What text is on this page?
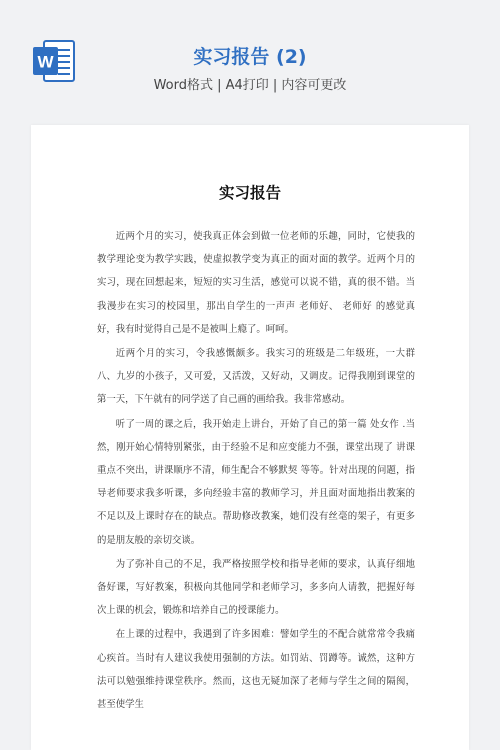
W	实习报告 (2)
Word格式 | A4打印 | 内容可更改
实习报告

近两个月的实习，使我真正体会到做一位老师的乐趣，同时，它使我的教学理论变为教学实践，使虚拟教学变为真正的面对面的教学。近两个月的实习，现在回想起来，短短的实习生活，感觉可以说不错，真的很不错。当我漫步在实习的校园里，那出自学生的一声声 老师好、 老师好 的感觉真好，我有时觉得自己是不是被叫上瘾了。呵呵。

近两个月的实习，令我感慨颇多。我实习的班级是二年级班，一大群八、九岁的小孩子，又可爱，又活泼，又好动，又调皮。记得我刚到课堂的第一天，下午就有的同学送了自己画的画给我。我非常感动。

听了一周的课之后，我开始走上讲台，开始了自己的第一篇 处女作 .当然，刚开始心情特别紧张，由于经验不足和应变能力不强，课堂出现了 讲课重点不突出，讲课顺序不清，师生配合不够默契 等等。针对出现的问题，指导老师要求我多听课，多向经验丰富的教师学习，并且面对面地指出教案的不足以及上课时存在的缺点。帮助修改教案，她们没有丝毫的架子，有更多的是朋友般的亲切交谈。

为了弥补自己的不足，我严格按照学校和指导老师的要求，认真仔细地备好课，写好教案，积极向其他同学和老师学习，多多向人请教，把握好每次上课的机会，锻炼和培养自己的授课能力。

在上课的过程中，我遇到了许多困难：譬如学生的不配合就常常令我痛心疾首。当时有人建议我使用强制的方法。如罚站、罚蹲等。诚然，这种方法可以勉强维持课堂秩序。然而，这也无疑加深了老师与学生之间的隔阂，甚至使学生
